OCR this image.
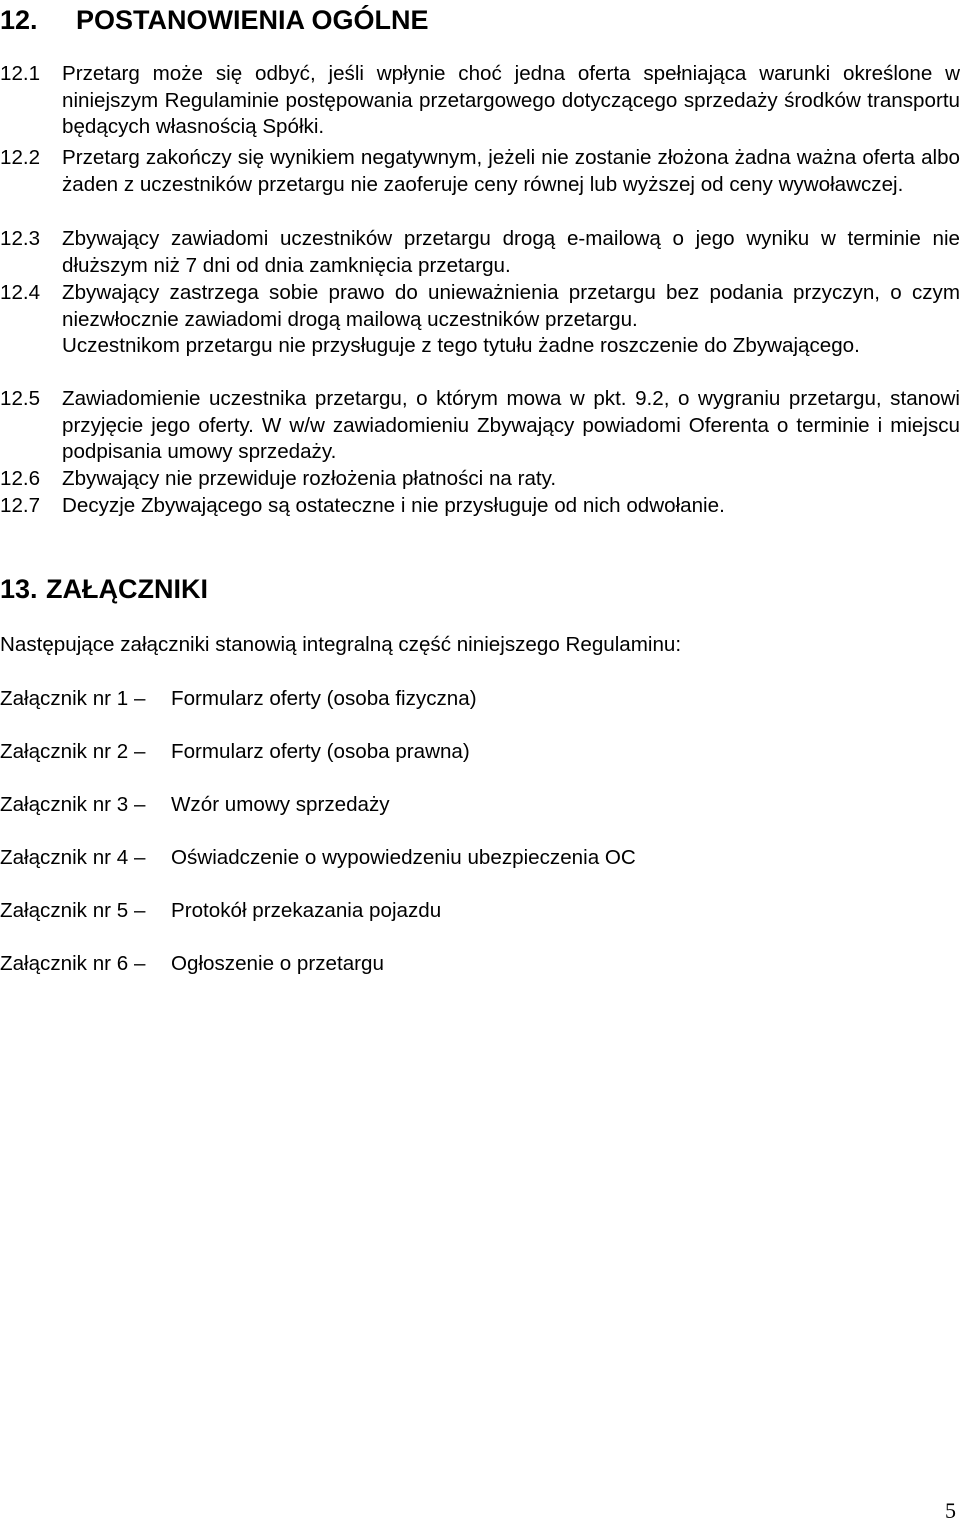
12. POSTANOWIENIA OGÓLNE
12.1 Przetarg może się odbyć, jeśli wpłynie choć jedna oferta spełniająca warunki określone w niniejszym Regulaminie postępowania przetargowego dotyczącego sprzedaży środków transportu będących własnością Spółki.
12.2 Przetarg zakończy się wynikiem negatywnym, jeżeli nie zostanie złożona żadna ważna oferta albo żaden z uczestników przetargu nie zaoferuje ceny równej lub wyższej od ceny wywoławczej.
12.3 Zbywający zawiadomi uczestników przetargu drogą e-mailową o jego wyniku w terminie nie dłuższym niż 7 dni od dnia zamknięcia przetargu.
12.4 Zbywający zastrzega sobie prawo do unieważnienia przetargu bez podania przyczyn, o czym niezwłocznie zawiadomi drogą mailową uczestników przetargu.

Uczestnikom przetargu nie przysługuje z tego tytułu żadne roszczenie do Zbywającego.

12.5 Zawiadomienie uczestnika przetargu, o którym mowa w pkt. 9.2, o wygraniu przetargu, stanowi przyjęcie jego oferty. W w/w zawiadomieniu Zbywający powiadomi Oferenta o terminie i miejscu podpisania umowy sprzedaży.
12.6 Zbywający nie przewiduje rozłożenia płatności na raty.
12.7 Decyzje Zbywającego są ostateczne i nie przysługuje od nich odwołanie.
13. ZAŁĄCZNIKI
Następujące załączniki stanowią integralną część niniejszego Regulaminu:
Załącznik nr 1 – Formularz oferty (osoba fizyczna)
Załącznik nr 2 – Formularz oferty (osoba prawna)
Załącznik nr 3 – Wzór umowy sprzedaży
Załącznik nr 4 – Oświadczenie o wypowiedzeniu ubezpieczenia OC
Załącznik nr 5 – Protokół przekazania pojazdu
Załącznik nr 6 – Ogłoszenie o przetargu
5
